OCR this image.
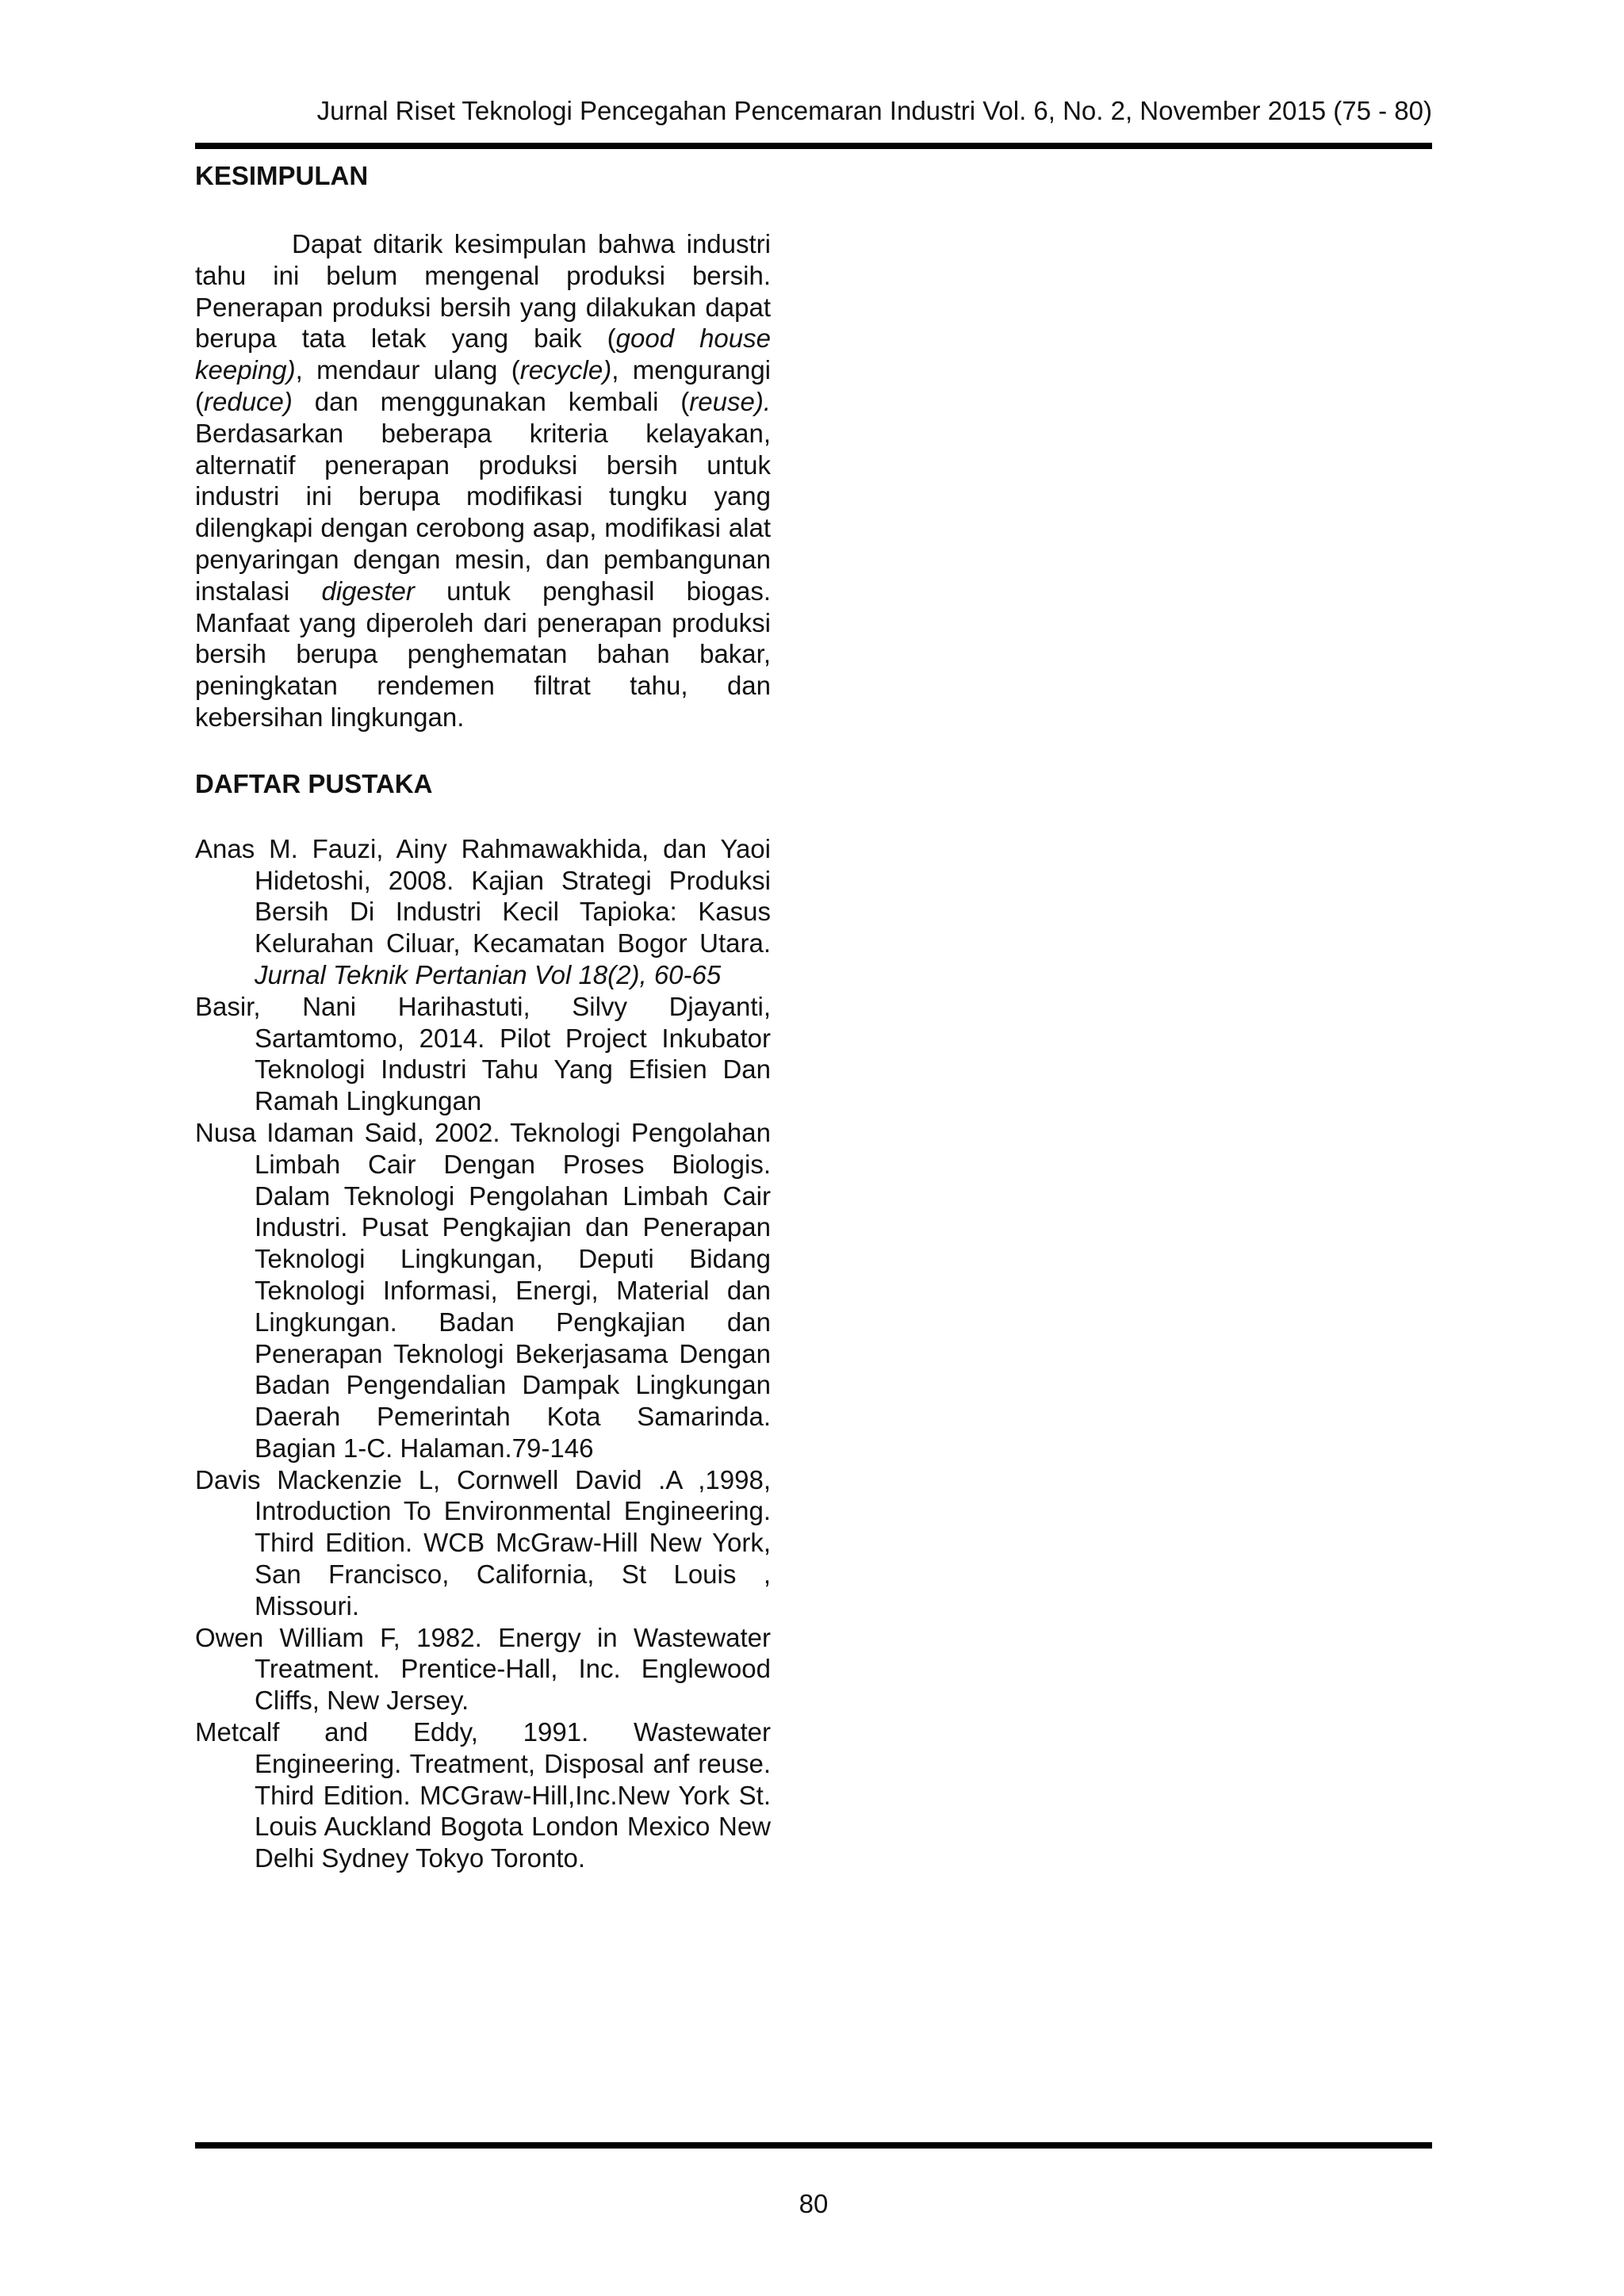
Jurnal Riset Teknologi Pencegahan Pencemaran Industri Vol. 6, No. 2, November 2015 (75 - 80)
KESIMPULAN

Dapat ditarik kesimpulan bahwa industri tahu ini belum mengenal produksi bersih. Penerapan produksi bersih yang dilakukan dapat berupa tata letak yang baik (good house keeping), mendaur ulang (recycle), mengurangi (reduce) dan menggunakan kembali (reuse). Berdasarkan beberapa kriteria kelayakan, alternatif penerapan produksi bersih untuk industri ini berupa modifikasi tungku yang dilengkapi dengan cerobong asap, modifikasi alat penyaringan dengan mesin, dan pembangunan instalasi digester untuk penghasil biogas. Manfaat yang diperoleh dari penerapan produksi bersih berupa penghematan bahan bakar, peningkatan rendemen filtrat tahu, dan kebersihan lingkungan.

DAFTAR PUSTAKA
Anas M. Fauzi, Ainy Rahmawakhida, dan Yaoi Hidetoshi, 2008. Kajian Strategi Produksi Bersih Di Industri Kecil Tapioka: Kasus Kelurahan Ciluar, Kecamatan Bogor Utara. Jurnal Teknik Pertanian Vol 18(2), 60-65
Basir, Nani Harihastuti, Silvy Djayanti, Sartamtomo, 2014. Pilot Project Inkubator Teknologi Industri Tahu Yang Efisien Dan Ramah Lingkungan
Nusa Idaman Said, 2002. Teknologi Pengolahan Limbah Cair Dengan Proses Biologis. Dalam Teknologi Pengolahan Limbah Cair Industri. Pusat Pengkajian dan Penerapan Teknologi Lingkungan, Deputi Bidang Teknologi Informasi, Energi, Material dan Lingkungan. Badan Pengkajian dan Penerapan Teknologi Bekerjasama Dengan Badan Pengendalian Dampak Lingkungan Daerah Pemerintah Kota Samarinda. Bagian 1-C. Halaman.79-146
Davis Mackenzie L, Cornwell David .A ,1998, Introduction To Environmental Engineering. Third Edition. WCB McGraw-Hill New York, San Francisco, California, St Louis , Missouri.
Owen William F, 1982. Energy in Wastewater Treatment. Prentice-Hall, Inc. Englewood Cliffs, New Jersey.
Metcalf and Eddy, 1991. Wastewater Engineering. Treatment, Disposal anf reuse. Third Edition. MCGraw-Hill,Inc.New York St. Louis Auckland Bogota London Mexico New Delhi Sydney Tokyo Toronto.
80
